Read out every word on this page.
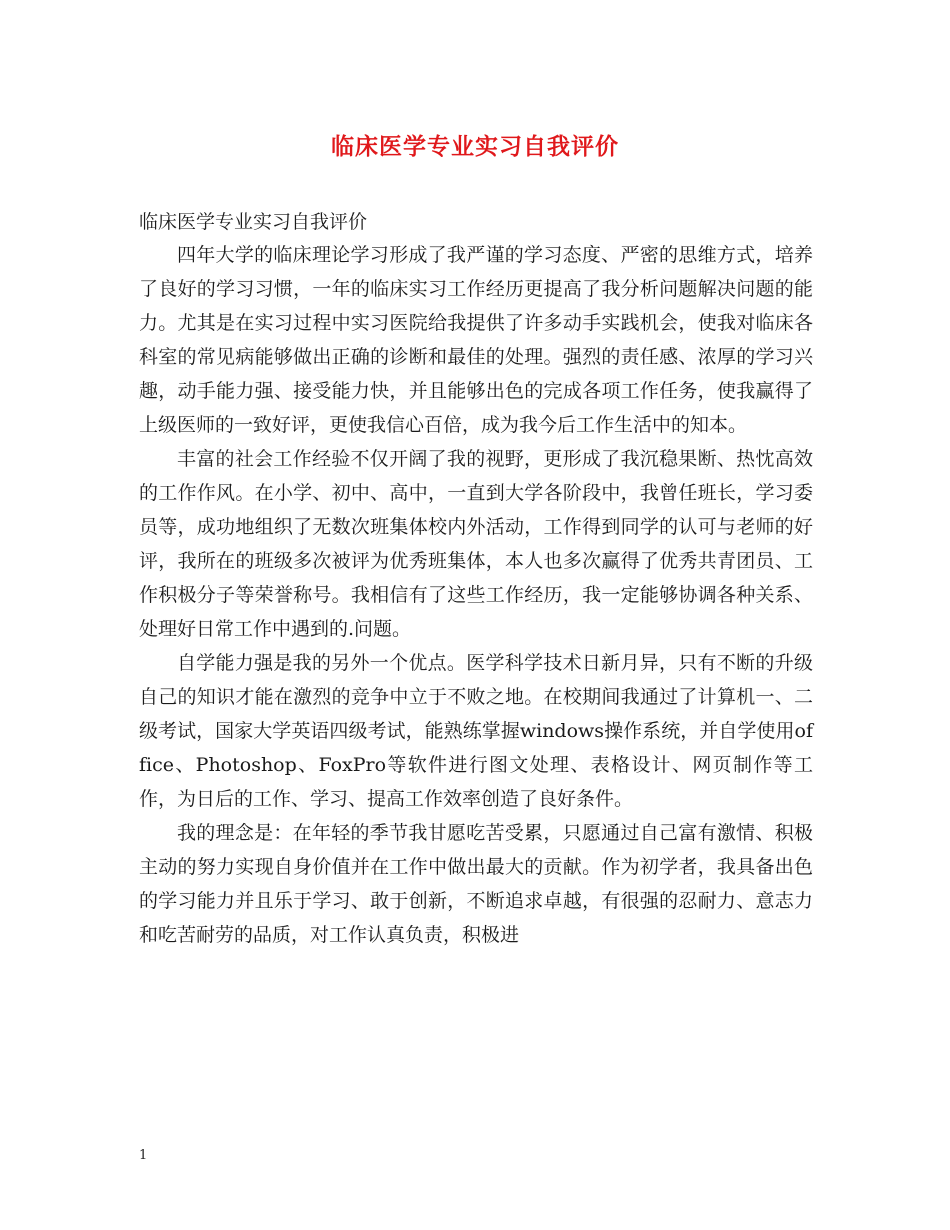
临床医学专业实习自我评价
临床医学专业实习自我评价

四年大学的临床理论学习形成了我严谨的学习态度、严密的思维方式，培养了良好的学习习惯，一年的临床实习工作经历更提高了我分析问题解决问题的能力。尤其是在实习过程中实习医院给我提供了许多动手实践机会，使我对临床各科室的常见病能够做出正确的诊断和最佳的处理。强烈的责任感、浓厚的学习兴趣，动手能力强、接受能力快，并且能够出色的完成各项工作任务，使我赢得了上级医师的一致好评，更使我信心百倍，成为我今后工作生活中的知本。

丰富的社会工作经验不仅开阔了我的视野，更形成了我沉稳果断、热忱高效的工作作风。在小学、初中、高中，一直到大学各阶段中，我曾任班长，学习委员等，成功地组织了无数次班集体校内外活动，工作得到同学的认可与老师的好评，我所在的班级多次被评为优秀班集体，本人也多次赢得了优秀共青团员、工作积极分子等荣誉称号。我相信有了这些工作经历，我一定能够协调各种关系、处理好日常工作中遇到的.问题。

自学能力强是我的另外一个优点。医学科学技术日新月异，只有不断的升级自己的知识才能在激烈的竞争中立于不败之地。在校期间我通过了计算机一、二级考试，国家大学英语四级考试，能熟练掌握windows操作系统，并自学使用office、Photoshop、FoxPro等软件进行图文处理、表格设计、网页制作等工作，为日后的工作、学习、提高工作效率创造了良好条件。

我的理念是：在年轻的季节我甘愿吃苦受累，只愿通过自己富有激情、积极主动的努力实现自身价值并在工作中做出最大的贡献。作为初学者，我具备出色的学习能力并且乐于学习、敢于创新，不断追求卓越，有很强的忍耐力、意志力和吃苦耐劳的品质，对工作认真负责，积极进

1
